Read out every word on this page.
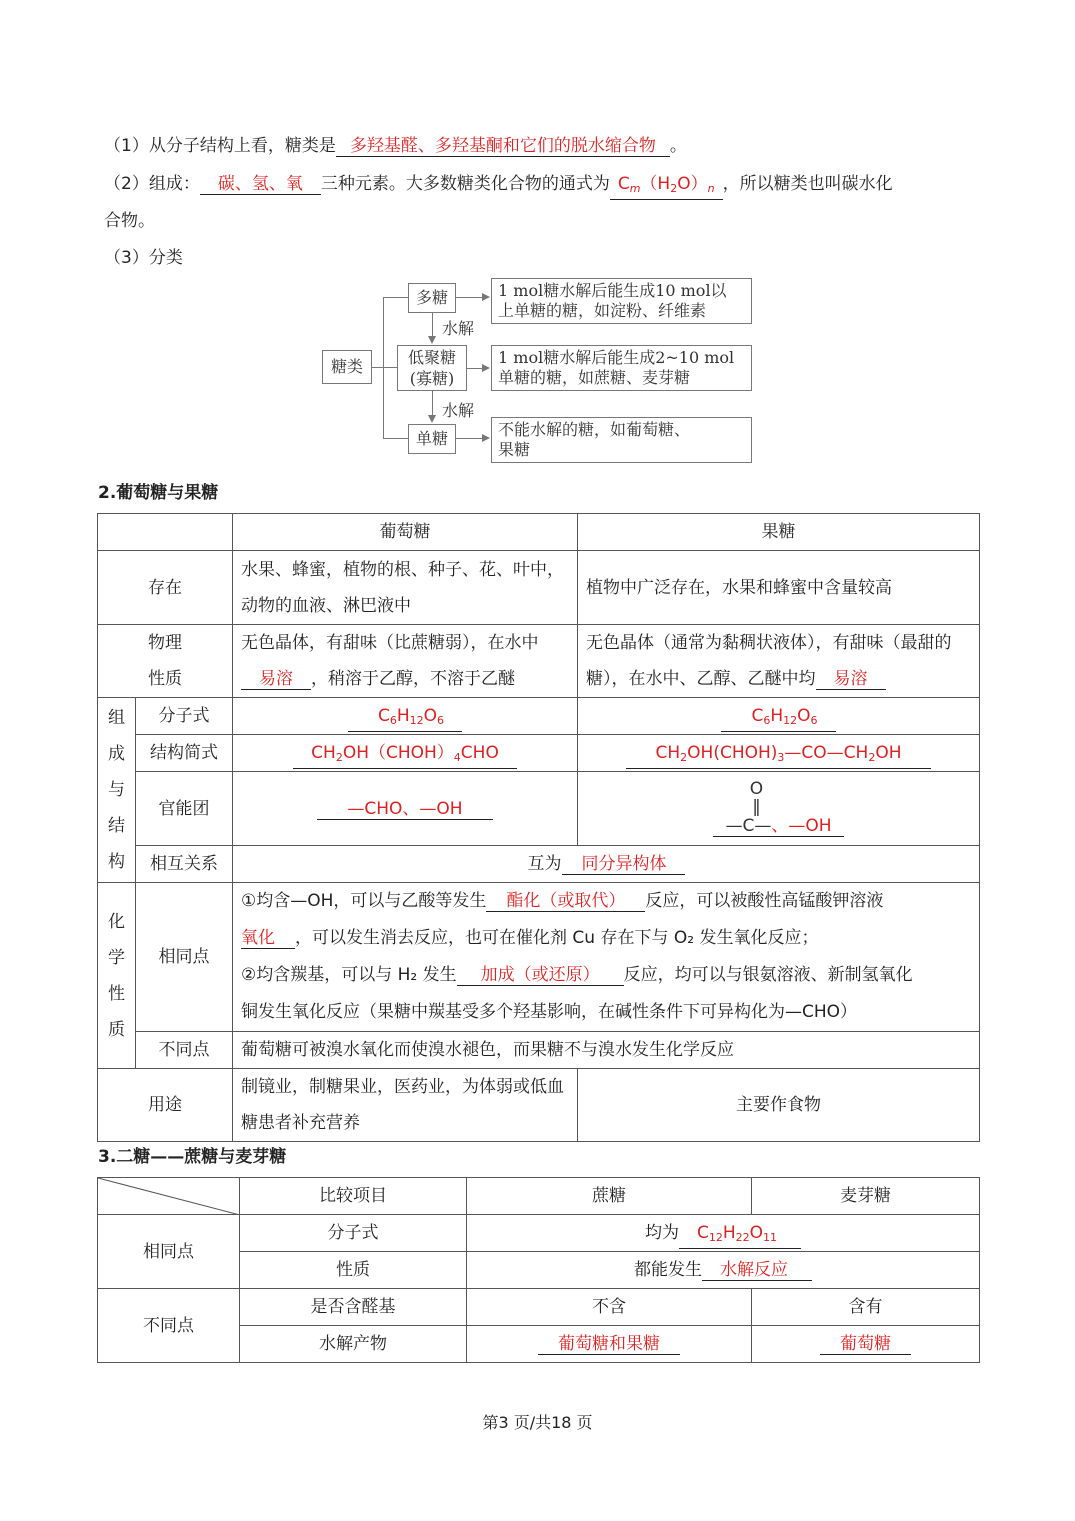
（1）从分子结构上看，糖类是 多羟基醛、多羟基酮和它们的脱水缩合物 。
（2）组成： 碳、氢、氧 三种元素。大多数糖类化合物的通式为 $C_m(H_2O)_n$ ，所以糖类也叫碳水化
合物。
（3）分类
糖类
多糖
低聚糖
(寡糖)
单糖
水解
水解
1 mol糖水解后能生成10 mol以
上单糖的糖，如淀粉、纤维素
1 mol糖水解后能生成2~10 mol
单糖的糖，如蔗糖、麦芽糖
不能水解的糖，如葡萄糖、
果糖
2.葡萄糖与果糖
		葡萄糖	果糖
存在		水果、蜂蜜，植物的根、种子、花、叶中，动物的血液、淋巴液中	植物中广泛存在，水果和蜂蜜中含量较高

物理
性质		无色晶体，有甜味（比蔗糖弱），在水中易溶 ，稍溶于乙醇，不溶于乙醚	无色晶体（通常为黏稠状液体），有甜味（最甜的糖），在水中、乙醇、乙醚中均 易溶
组成与结构	分子式	$C_6H_{12}O_6$	$C_6H_{12}O_6$
	结构简式	$CH_2OH(CHOH)_4CHO$	$CH_2OH(CHOH)_3—CO—CH_2OH$
	官能团	—CHO、—OH	O
‖
—C—、—OH
	相互关系	互为 同分异构体	
化学性质	相同点	①均含—OH，可以与乙酸等发生 酯化（或取代） 反应，可以被酸性高锰酸钾溶液
氧化 ，可以发生消去反应，也可在催化剂 Cu 存在下与 O₂ 发生氧化反应；
②均含羰基，可以与 H₂ 发生 加成（或还原） 反应，均可以与银氨溶液、新制氢氧化
铜发生氧化反应（果糖中羰基受多个羟基影响，在碱性条件下可异构化为—CHO）	

	不同点	葡萄糖可被溴水氧化而使溴水褪色，而果糖不与溴水发生化学反应	
用途		制镜业，制糖果业，医药业，为体弱或低血糖患者补充营养	主要作食物
3.二糖——蔗糖与麦芽糖
	比较项目	蔗糖	麦芽糖
相同点	分子式	均为 $C_{12}H_{22}O_{11}$
	性质	都能发生 水解反应	
不同点	是否含醛基	不含	含有
	水解产物	葡萄糖和果糖	葡萄糖
第3 页/共18 页
